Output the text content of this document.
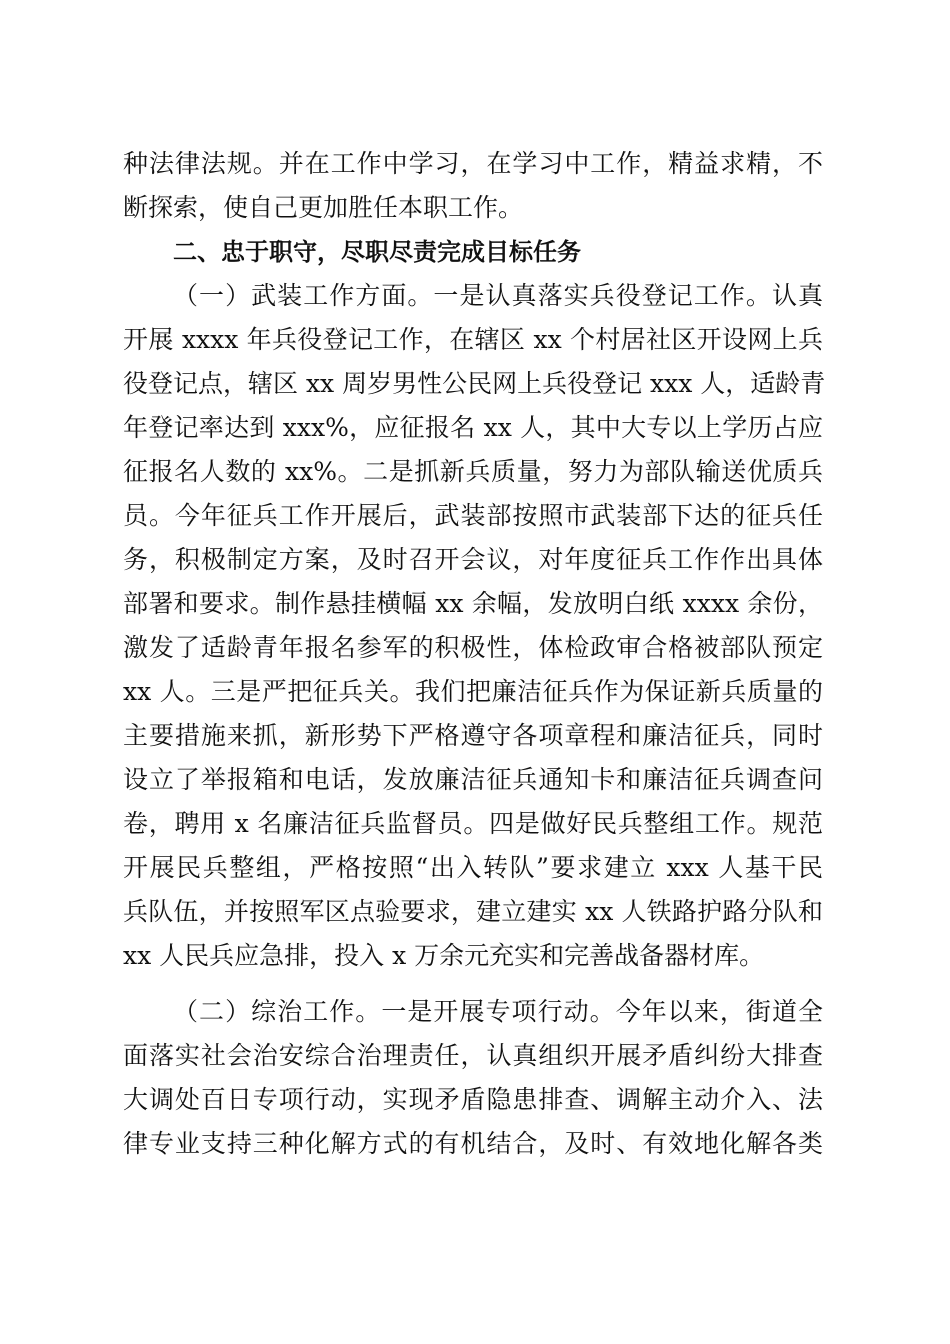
种法律法规。并在工作中学习，在学习中工作，精益求精，不
断探索，使自己更加胜任本职工作。
二、忠于职守，尽职尽责完成目标任务
（一）武装工作方面。一是认真落实兵役登记工作。认真
开展 xxxx 年兵役登记工作，在辖区 xx 个村居社区开设网上兵
役登记点，辖区 xx 周岁男性公民网上兵役登记 xxx 人，适龄青
年登记率达到 xxx%，应征报名 xx 人，其中大专以上学历占应
征报名人数的 xx%。二是抓新兵质量，努力为部队输送优质兵
员。今年征兵工作开展后，武装部按照市武装部下达的征兵任
务，积极制定方案，及时召开会议，对年度征兵工作作出具体
部署和要求。制作悬挂横幅 xx 余幅，发放明白纸 xxxx 余份，
激发了适龄青年报名参军的积极性，体检政审合格被部队预定
xx 人。三是严把征兵关。我们把廉洁征兵作为保证新兵质量的
主要措施来抓，新形势下严格遵守各项章程和廉洁征兵，同时
设立了举报箱和电话，发放廉洁征兵通知卡和廉洁征兵调查问
卷，聘用 x 名廉洁征兵监督员。四是做好民兵整组工作。规范
开展民兵整组，严格按照“出入转队”要求建立 xxx 人基干民
兵队伍，并按照军区点验要求，建立建实 xx 人铁路护路分队和
xx 人民兵应急排，投入 x 万余元充实和完善战备器材库。
（二）综治工作。一是开展专项行动。今年以来，街道全
面落实社会治安综合治理责任，认真组织开展矛盾纠纷大排查
大调处百日专项行动，实现矛盾隐患排查、调解主动介入、法
律专业支持三种化解方式的有机结合，及时、有效地化解各类
